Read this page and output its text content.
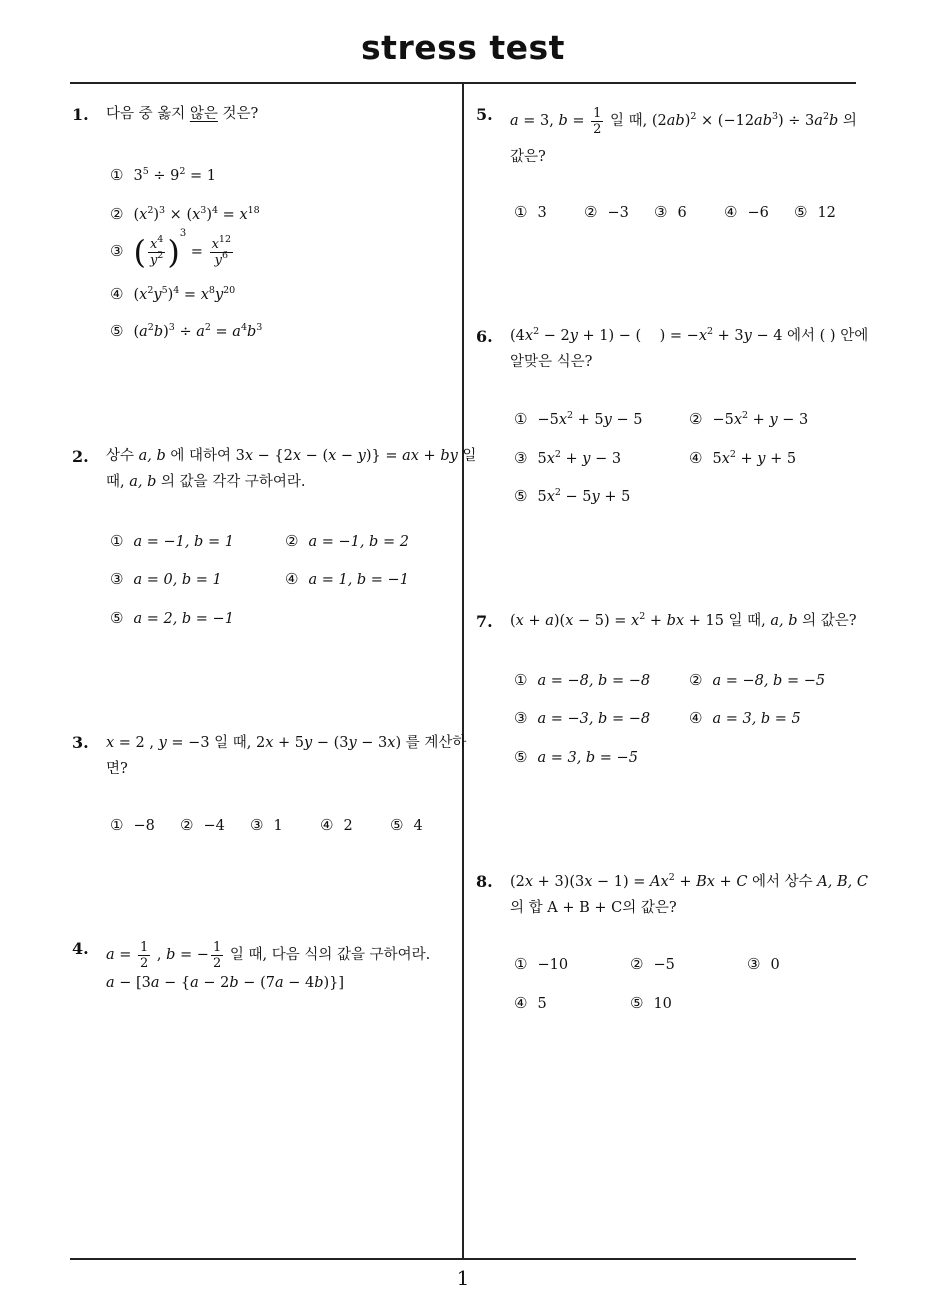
stress test
1
1. 다음 중 옳지 않은 것은?
① $3^5 \div 9^2 = 1$
② $(x^2)^3 \times (x^3)^4 = x^{18}$
③ ( $\frac{x^4}{y^2} )^3 = \frac{x^{12}}{y^6}$
④ $(x^2y^5)^4 = x^8y^{20}$
⑤ $(a^2b)^3 \div a^2 = a^4b^3$
2. 상수 a, b 에 대하여 3x − {2x − (x − y)} = ax + by 일
때, a, b 의 값을 각각 구하여라.
① a = −1, b = 1	② a = −1, b = 2
③ a = 0, b = 1	④ a = 1, b = −1
⑤ a = 2, b = −1
3. x = 2 , y = −3 일 때, 2x + 5y − (3y − 3x) 를 계산하
면?
① −8 ② −4 ③ 1 ④ 2 ⑤ 4
4. $a = \frac{1}{2}$ , b = − $\frac{1}{2}$ 일 때, 다음 식의 값을 구하여라.
a − [3a − {a − 2b − (7a − 4b)}]
5. a = 3, $b = \frac{1}{2}$ 일 때, $(2ab)^2 \times (-12ab^3) \div 3a^2b$ 의
값은?
① 3 ② −3 ③ 6 ④ −6 ⑤ 12
6. $(4x^2 - 2y + 1)$ − (    ) = $-x^2 + 3y - 4$ 에서 ( ) 안에
알맞은 식은?
① $-5x^2 + 5y - 5$	② $-5x^2 + y - 3$
③ $5x^2 + y - 3$	④ $5x^2 + y + 5$
⑤ $5x^2 - 5y + 5$
7. $(x + a)(x - 5) = x^2$ + bx + 15 일 때, a, b 의 값은?
① a = −8, b = −8	② a = −8, b = −5
③ a = −3, b = −8	④ a = 3, b = 5
⑤ a = 3, b = −5
8. $(2x + 3)(3x - 1) = Ax^2 + Bx + C$ 에서 상수 A, B, C
의 합 A + B + C의 값은?
① −10	② −5	③ 0
④ 5	⑤ 10
